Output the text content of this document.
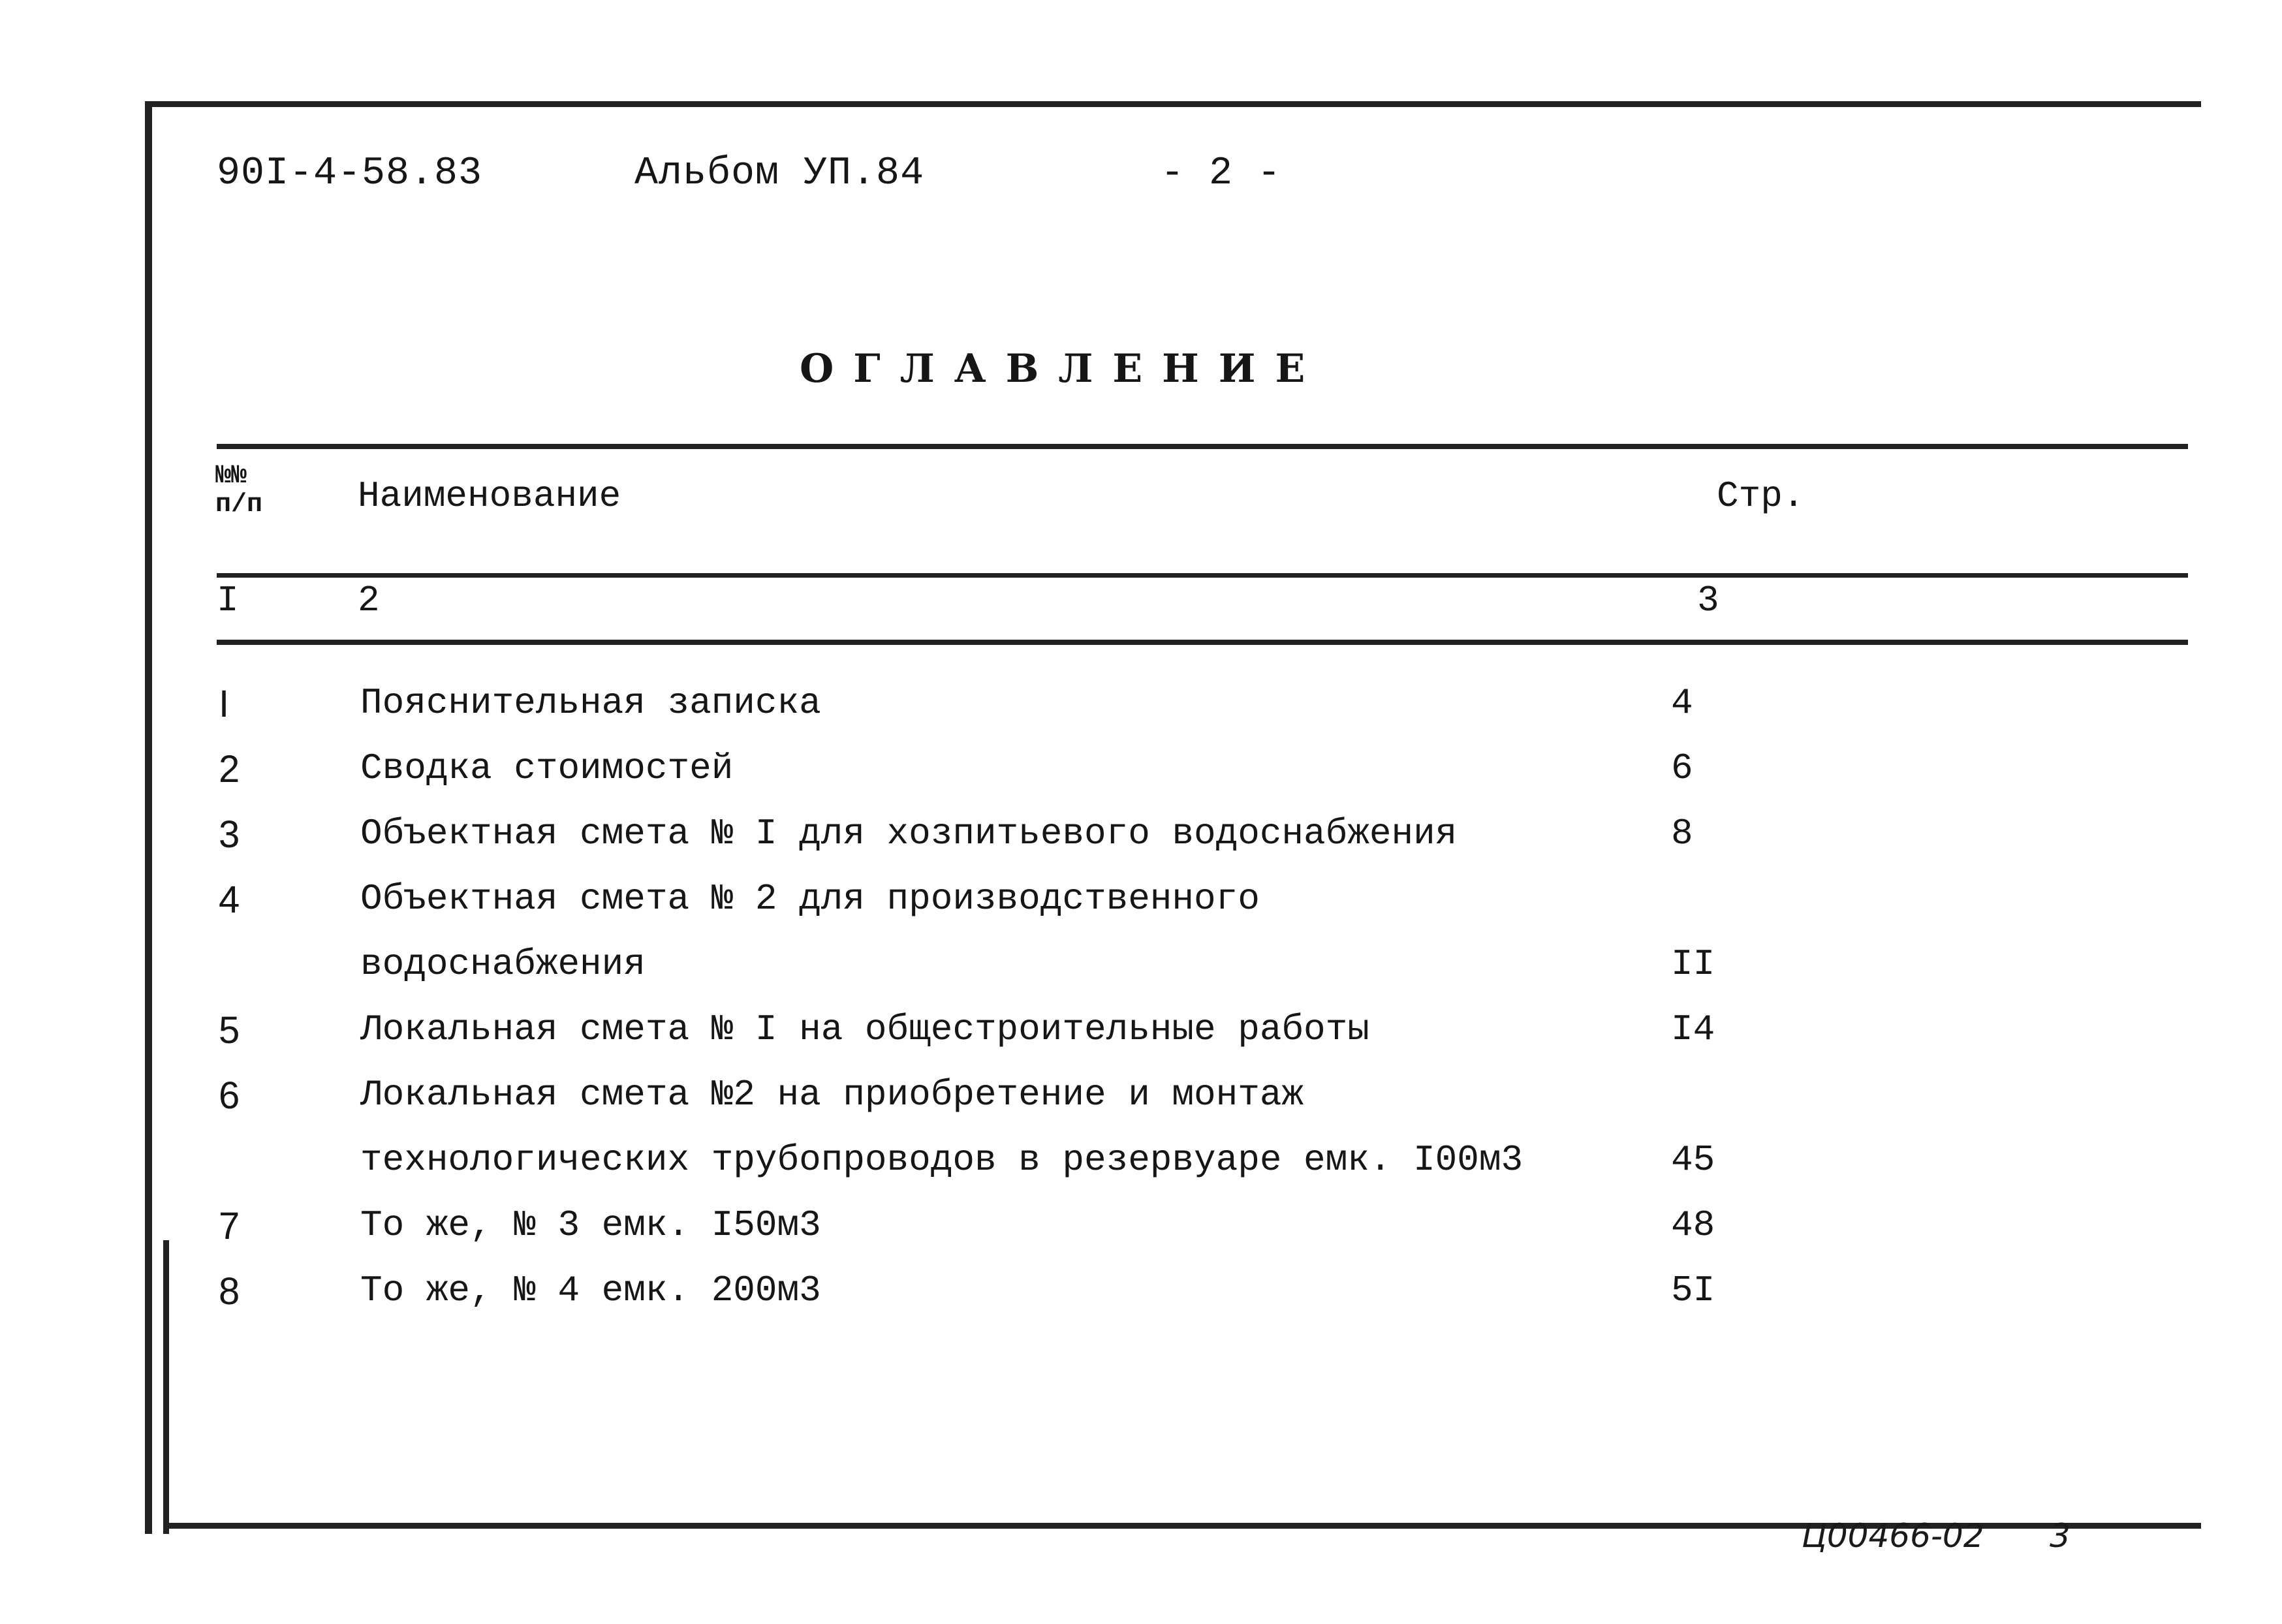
90I-4-58.83	Альбом УП.84	- 2 -
ОГЛАВЛЕНИЕ
№№
п/п	Наименование	Стр.
I	2	3
I	Пояснительная записка	4
2	Сводка стоимостей	6
3	Объектная смета № I для хозпитьевого водоснабжения	8
4	Объектная смета № 2 для производственного
водоснабжения	II
5	Локальная смета № I на общестроительные работы	I4
6	Локальная смета №2 на приобретение и монтаж
технологических трубопроводов в резервуаре емк. I00м3	45
7	То же, № 3 емк. I50м3	48
8	То же, № 4 емк. 200м3	5I
Ц00466-02 3
